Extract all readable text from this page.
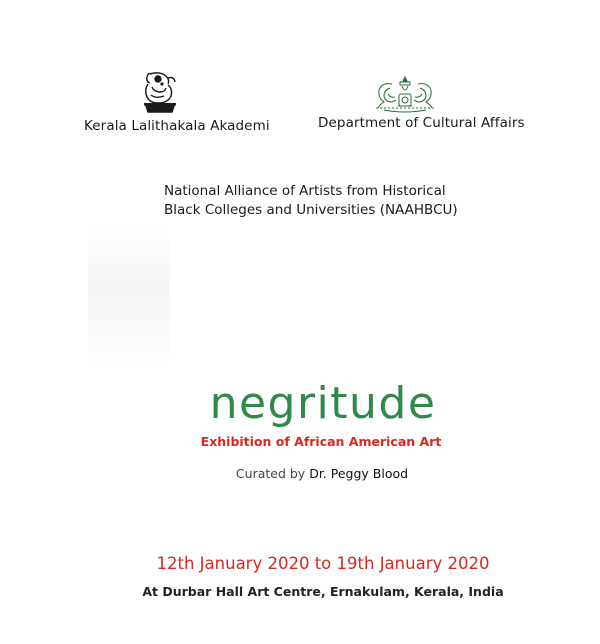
Kerala Lalithakala Akademi	Department of Cultural Affairs
National Alliance of Artists from Historical
Black Colleges and Universities (NAAHBCU)
negritude
Exhibition of African American Art
Curated by Dr. Peggy Blood
12th January 2020 to 19th January 2020
At Durbar Hall Art Centre, Ernakulam, Kerala, India
